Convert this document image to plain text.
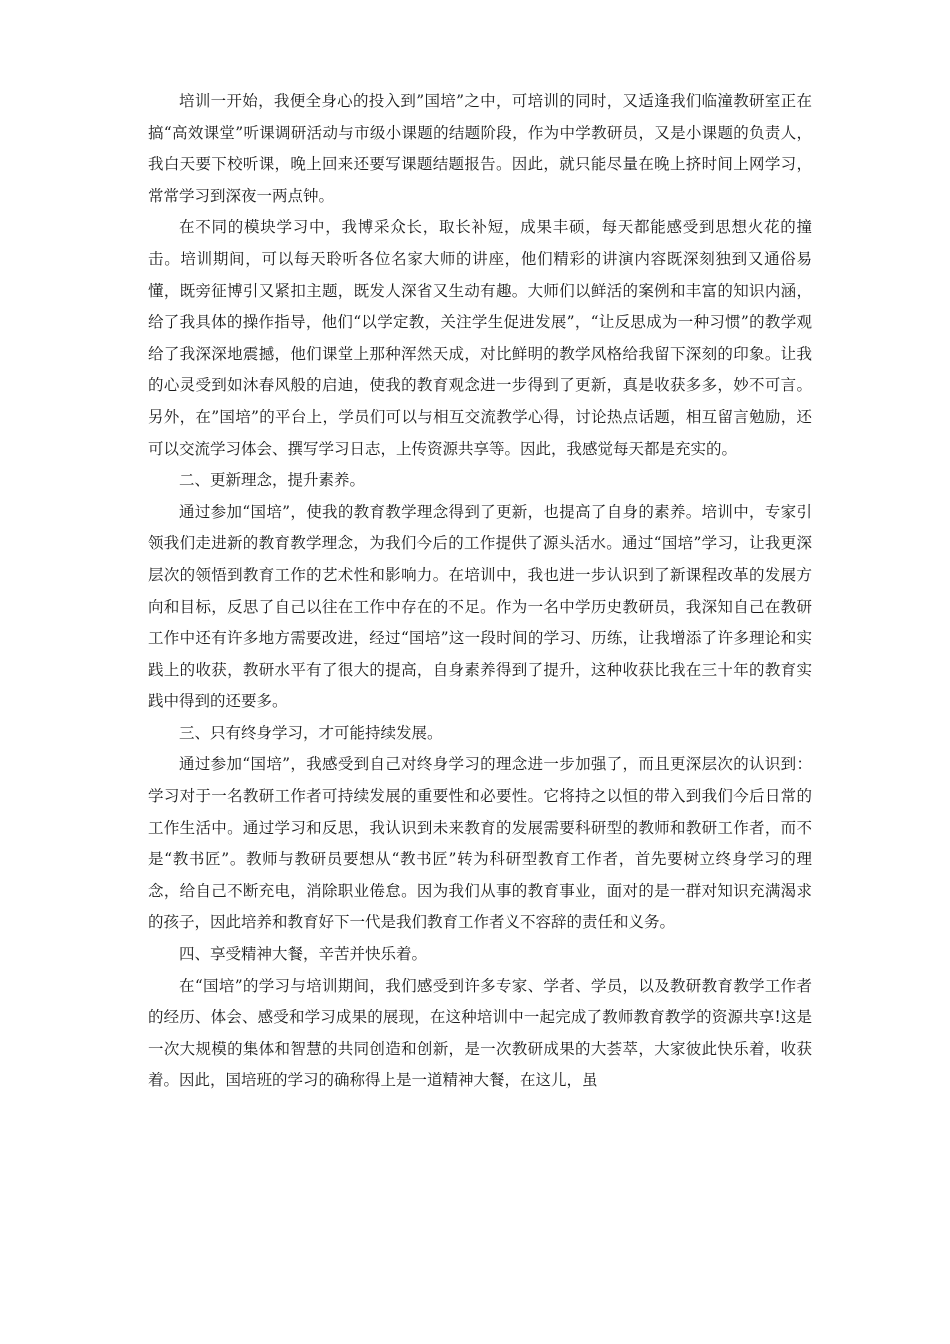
培训一开始，我便全身心的投入到”国培”之中，可培训的同时，又适逢我们临潼教研室正在搞“高效课堂”听课调研活动与市级小课题的结题阶段，作为中学教研员，又是小课题的负责人，我白天要下校听课，晚上回来还要写课题结题报告。因此，就只能尽量在晚上挤时间上网学习，常常学习到深夜一两点钟。

在不同的模块学习中，我博采众长，取长补短，成果丰硕，每天都能感受到思想火花的撞击。培训期间，可以每天聆听各位名家大师的讲座，他们精彩的讲演内容既深刻独到又通俗易懂，既旁征博引又紧扣主题，既发人深省又生动有趣。大师们以鲜活的案例和丰富的知识内涵，给了我具体的操作指导，他们“以学定教，关注学生促进发展”，“让反思成为一种习惯”的教学观给了我深深地震撼，他们课堂上那种浑然天成，对比鲜明的教学风格给我留下深刻的印象。让我的心灵受到如沐春风般的启迪，使我的教育观念进一步得到了更新，真是收获多多，妙不可言。另外，在”国培”的平台上，学员们可以与相互交流教学心得，讨论热点话题，相互留言勉励，还可以交流学习体会、撰写学习日志，上传资源共享等。因此，我感觉每天都是充实的。

二、更新理念，提升素养。

通过参加“国培”，使我的教育教学理念得到了更新，也提高了自身的素养。培训中，专家引领我们走进新的教育教学理念，为我们今后的工作提供了源头活水。通过“国培”学习，让我更深层次的领悟到教育工作的艺术性和影响力。在培训中，我也进一步认识到了新课程改革的发展方向和目标，反思了自己以往在工作中存在的不足。作为一名中学历史教研员，我深知自己在教研工作中还有许多地方需要改进，经过“国培”这一段时间的学习、历练，让我增添了许多理论和实践上的收获，教研水平有了很大的提高，自身素养得到了提升，这种收获比我在三十年的教育实践中得到的还要多。

三、只有终身学习，才可能持续发展。

通过参加“国培”，我感受到自己对终身学习的理念进一步加强了，而且更深层次的认识到：学习对于一名教研工作者可持续发展的重要性和必要性。它将持之以恒的带入到我们今后日常的工作生活中。通过学习和反思，我认识到未来教育的发展需要科研型的教师和教研工作者，而不是“教书匠”。教师与教研员要想从“教书匠”转为科研型教育工作者，首先要树立终身学习的理念，给自己不断充电，消除职业倦怠。因为我们从事的教育事业，面对的是一群对知识充满渴求的孩子，因此培养和教育好下一代是我们教育工作者义不容辞的责任和义务。

四、享受精神大餐，辛苦并快乐着。

在“国培”的学习与培训期间，我们感受到许多专家、学者、学员，以及教研教育教学工作者的经历、体会、感受和学习成果的展现，在这种培训中一起完成了教师教育教学的资源共享!这是一次大规模的集体和智慧的共同创造和创新，是一次教研成果的大荟萃，大家彼此快乐着，收获着。因此，国培班的学习的确称得上是一道精神大餐，在这儿，虽
